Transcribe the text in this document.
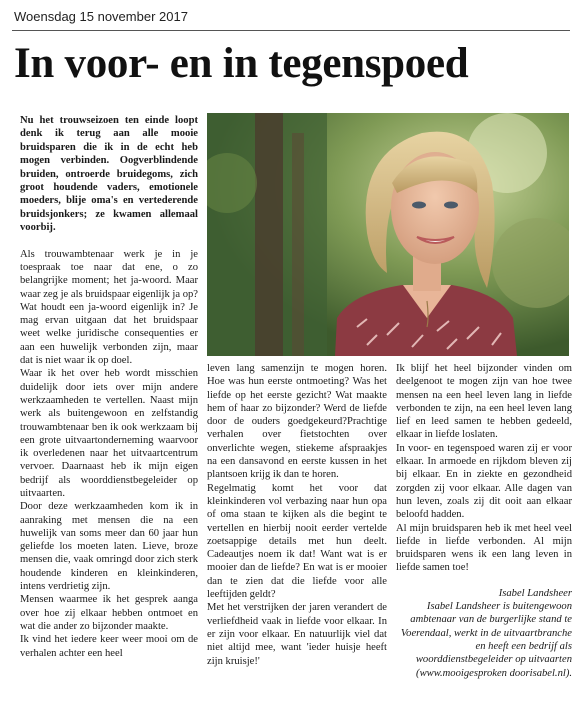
Woensdag 15 november 2017
In voor- en in tegenspoed

Nu het trouwseizoen ten einde loopt denk ik terug aan alle mooie bruidsparen die ik in de echt heb mogen verbinden. Oogverblindende bruiden, ontroerde bruidegoms, zich groot houdende vaders, emotionele moeders, blije oma's en vertederende bruidsjonkers; ze kwamen allemaal voorbij.

Als trouwambtenaar werk je in je toespraak toe naar dat ene, o zo belangrijke moment; het ja-woord. Maar waar zeg je als bruidspaar eigenlijk ja op? Wat houdt een ja-woord eigenlijk in? Je mag ervan uitgaan dat het bruidspaar weet welke juridische consequenties er aan een huwelijk verbonden zijn, maar dat is niet waar ik op doel.

Waar ik het over heb wordt misschien duidelijk door iets over mijn andere werkzaamheden te vertellen. Naast mijn werk als buitengewoon en zelfstandig trouwambtenaar ben ik ook werkzaam bij een grote uitvaartonderneming waarvoor ik overledenen naar het uitvaartcentrum vervoer. Daarnaast heb ik mijn eigen bedrijf als woorddienstbegeleider op uitvaarten.

Door deze werkzaamheden kom ik in aanraking met mensen die na een huwelijk van soms meer dan 60 jaar hun geliefde los moeten laten. Lieve, broze mensen die, vaak omringd door zich sterk houdende kinderen en kleinkinderen, intens verdrietig zijn.

Mensen waarmee ik het gesprek aanga over hoe zij elkaar hebben ontmoet en wat die ander zo bijzonder maakte.

Ik vind het iedere keer weer mooi om de verhalen achter een heel

leven lang samenzijn te mogen horen. Hoe was hun eerste ontmoeting? Was het liefde op het eerste gezicht? Wat maakte hem of haar zo bijzonder? Werd de liefde door de ouders goedgekeurd?Prachtige verhalen over fietstochten over onverlichte wegen, stiekeme afspraakjes na een dansavond en eerste kussen in het plantsoen krijg ik dan te horen.

Regelmatig komt het voor dat kleinkinderen vol verbazing naar hun opa of oma staan te kijken als die begint te vertellen en hierbij nooit eerder vertelde zoetsappige details met hun deelt. Cadeautjes noem ik dat! Want wat is er mooier dan de liefde? En wat is er mooier dan te zien dat die liefde voor alle leeftijden geldt?

Met het verstrijken der jaren verandert de verliefdheid vaak in liefde voor elkaar. In er zijn voor elkaar. En natuurlijk viel dat niet altijd mee, want 'ieder huisje heeft zijn kruisje!'

Ik blijf het heel bijzonder vinden om deelgenoot te mogen zijn van hoe twee mensen na een heel leven lang in liefde verbonden te zijn, na een heel leven lang lief en leed samen te hebben gedeeld, elkaar in liefde loslaten.

In voor- en tegenspoed waren zij er voor elkaar. In armoede en rijkdom bleven zij bij elkaar. En in ziekte en gezondheid zorgden zij voor elkaar. Alle dagen van hun leven, zoals zij dit ooit aan elkaar beloofd hadden.

Al mijn bruidsparen heb ik met heel veel liefde in liefde verbonden. Al mijn bruidsparen wens ik een lang leven in liefde samen toe!

Isabel Landsheer

Isabel Landsheer is buitengewoon ambtenaar van de burgerlijke stand te Voerendaal, werkt in de uitvaartbranche en heeft een bedrijf als woorddienstbegeleider op uitvaarten (www.mooigesproken doorisabel.nl).
